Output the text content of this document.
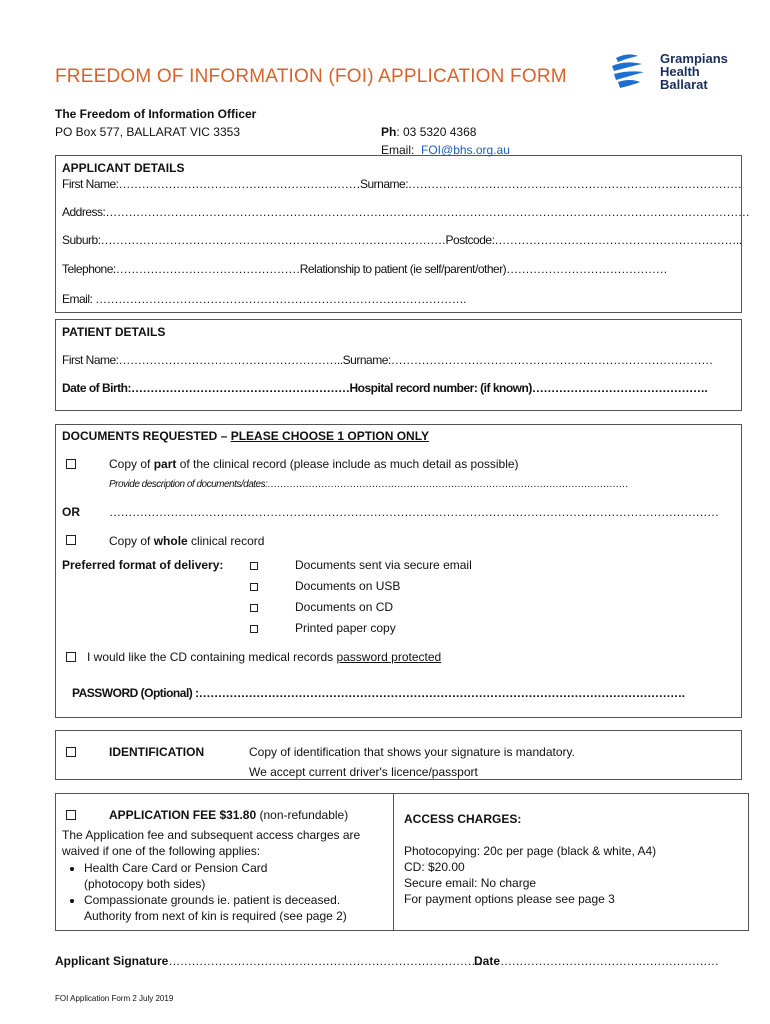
FREEDOM OF INFORMATION (FOI) APPLICATION FORM
Grampians
Health
Ballarat
The Freedom of Information Officer
PO Box 577, BALLARAT VIC 3353	Ph: 03 5320 4368
Email: FOI@bhs.org.au
APPLICANT DETAILS
First Name:………………………………………………………Surname:……………………………………………………………………………
Address:……………………………………………………………………………………………………………………………………………………
Suburb:………………………………………………………………………………Postcode:………………………………………………………..
Telephone:…………………………………………Relationship to patient (ie self/parent/other)……………………………………
Email: …………………………………………………………………………………….
PATIENT DETAILS
First Name:…………………………………………………..Surname:…………………………………………………………………………
Date of Birth:…………………………………………………Hospital record number: (if known)……………………………………….
DOCUMENTS REQUESTED – PLEASE CHOOSE 1 OPTION ONLY
Copy of part of the clinical record (please include as much detail as possible)
Provide description of documents/dates:……………………………………………………………………………………………………
OR ……………………………………………………………………………………………………………………………………………
Copy of whole clinical record
Preferred format of delivery:	Documents sent via secure email
Documents on USB
Documents on CD
Printed paper copy
I would like the CD containing medical records password protected
PASSWORD (Optional) :……………………………………………………………………………………………………………….
IDENTIFICATION	Copy of identification that shows your signature is mandatory.
We accept current driver's licence/passport
APPLICATION FEE $31.80 (non-refundable)
The Application fee and subsequent access charges are
waived if one of the following applies:
• Health Care Card or Pension Card
(photocopy both sides)
• Compassionate grounds ie. patient is deceased.
Authority from next of kin is required (see page 2)
ACCESS CHARGES:
Photocopying: 20c per page (black & white, A4)
CD: $20.00
Secure email: No charge
For payment options please see page 3
Applicant Signature……………………………………………………………………….
Date…………………………………………………
FOI Application Form 2 July 2019
